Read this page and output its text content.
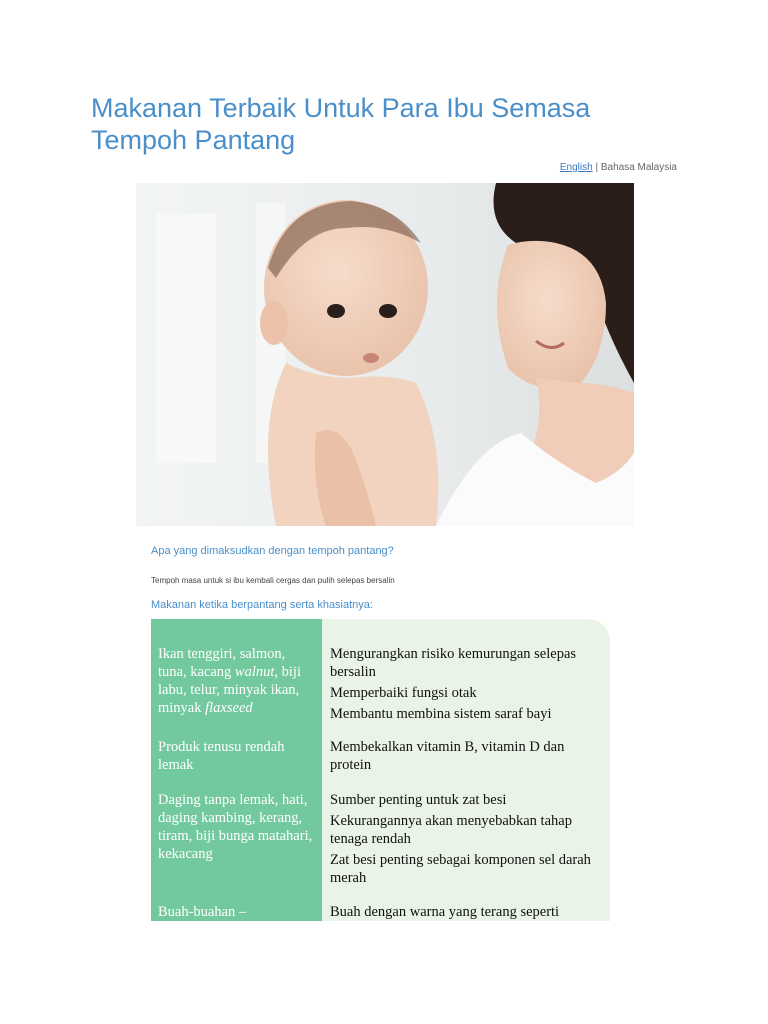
Makanan Terbaik Untuk Para Ibu Semasa Tempoh Pantang
English | Bahasa Malaysia
Apa yang dimaksudkan dengan tempoh pantang?
Tempoh masa untuk si ibu kembali cergas dan pulih selepas bersalin
Makanan ketika berpantang serta khasiatnya:
Ikan tenggiri, salmon, tuna, kacang walnut, biji labu, telur, minyak ikan, minyak flaxseed
Mengurangkan risiko kemurungan selepas bersalin
Memperbaiki fungsi otak
Membantu membina sistem saraf bayi
Produk tenusu rendah lemak
Membekalkan vitamin B, vitamin D dan protein
Daging tanpa lemak, hati, daging kambing, kerang, tiram, biji bunga matahari, kekacang
Sumber penting untuk zat besi
Kekurangannya akan menyebabkan tahap tenaga rendah
Zat besi penting sebagai komponen sel darah merah
Buah-buahan –	Buah dengan warna yang terang seperti
